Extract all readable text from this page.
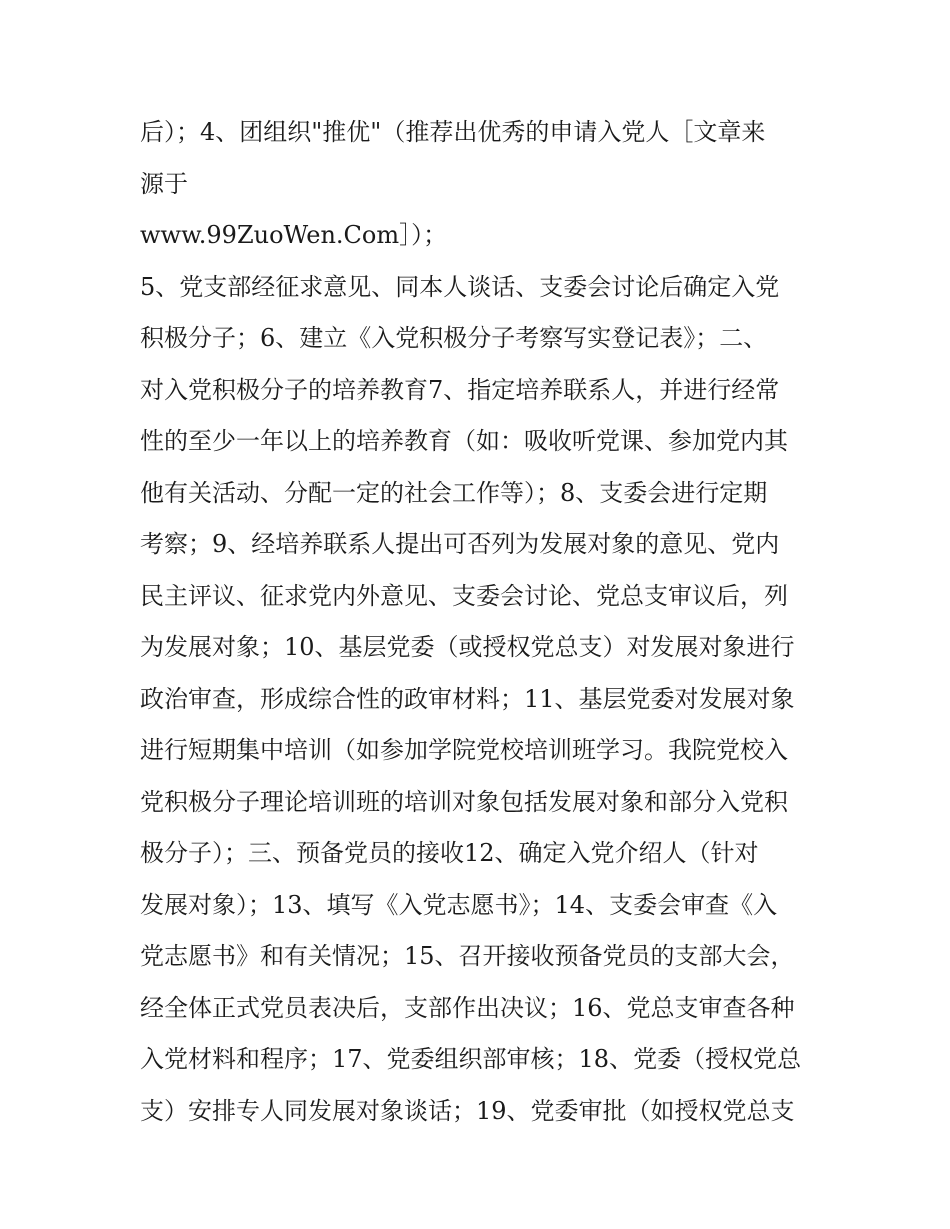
后）；4、团组织"推优"（推荐出优秀的申请入党人［文章来
源于
www.99ZuoWen.Com］）；
5、党支部经征求意见、同本人谈话、支委会讨论后确定入党
积极分子；6、建立《入党积极分子考察写实登记表》；二、
对入党积极分子的培养教育7、指定培养联系人，并进行经常
性的至少一年以上的培养教育（如：吸收听党课、参加党内其
他有关活动、分配一定的社会工作等）；8、支委会进行定期
考察；9、经培养联系人提出可否列为发展对象的意见、党内
民主评议、征求党内外意见、支委会讨论、党总支审议后，列
为发展对象；10、基层党委（或授权党总支）对发展对象进行
政治审查，形成综合性的政审材料；11、基层党委对发展对象
进行短期集中培训（如参加学院党校培训班学习。我院党校入
党积极分子理论培训班的培训对象包括发展对象和部分入党积
极分子）；三、预备党员的接收12、确定入党介绍人（针对
发展对象）；13、填写《入党志愿书》；14、支委会审查《入
党志愿书》和有关情况；15、召开接收预备党员的支部大会，
经全体正式党员表决后，支部作出决议；16、党总支审查各种
入党材料和程序；17、党委组织部审核；18、党委（授权党总
支）安排专人同发展对象谈话；19、党委审批（如授权党总支
